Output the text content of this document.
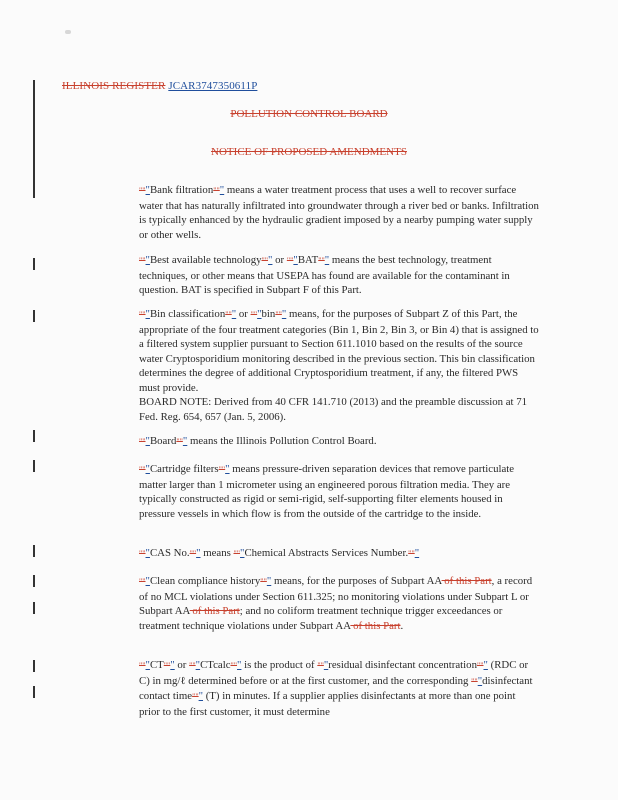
ILLINOIS REGISTER JCAR3747350611P
POLLUTION CONTROL BOARD
NOTICE OF PROPOSED AMENDMENTS

"""Bank filtration""" means a water treatment process that uses a well to recover surface water that has naturally infiltrated into groundwater through a river bed or banks. Infiltration is typically enhanced by the hydraulic gradient imposed by a nearby pumping water supply or other wells.

"""Best available technology""" or """BAT""" means the best technology, treatment techniques, or other means that USEPA has found are available for the contaminant in question. BAT is specified in Subpart F of this Part.

"""Bin classification""" or """bin""" means, for the purposes of Subpart Z of this Part, the appropriate of the four treatment categories (Bin 1, Bin 2, Bin 3, or Bin 4) that is assigned to a filtered system supplier pursuant to Section 611.1010 based on the results of the source water Cryptosporidium monitoring described in the previous section. This bin classification determines the degree of additional Cryptosporidium treatment, if any, the filtered PWS must provide.

BOARD NOTE: Derived from 40 CFR 141.710 (2013) and the preamble discussion at 71 Fed. Reg. 654, 657 (Jan. 5, 2006).

"""Board""" means the Illinois Pollution Control Board.

"""Cartridge filters""" means pressure-driven separation devices that remove particulate matter larger than 1 micrometer using an engineered porous filtration media. They are typically constructed as rigid or semi-rigid, self-supporting filter elements housed in pressure vessels in which flow is from the outside of the cartridge to the inside.

"""CAS No.""" means """Chemical Abstracts Services Number."""

"""Clean compliance history""" means, for the purposes of Subpart AA of this Part, a record of no MCL violations under Section 611.325; no monitoring violations under Subpart L or Subpart AA of this Part; and no coliform treatment technique trigger exceedances or treatment technique violations under Subpart AA of this Part.

"""CT""" or """CTcalc""" is the product of """residual disinfectant concentration""" (RDC or C) in mg/ℓ determined before or at the first customer, and the corresponding """disinfectant contact time""" (T) in minutes. If a supplier applies disinfectants at more than one point prior to the first customer, it must determine
